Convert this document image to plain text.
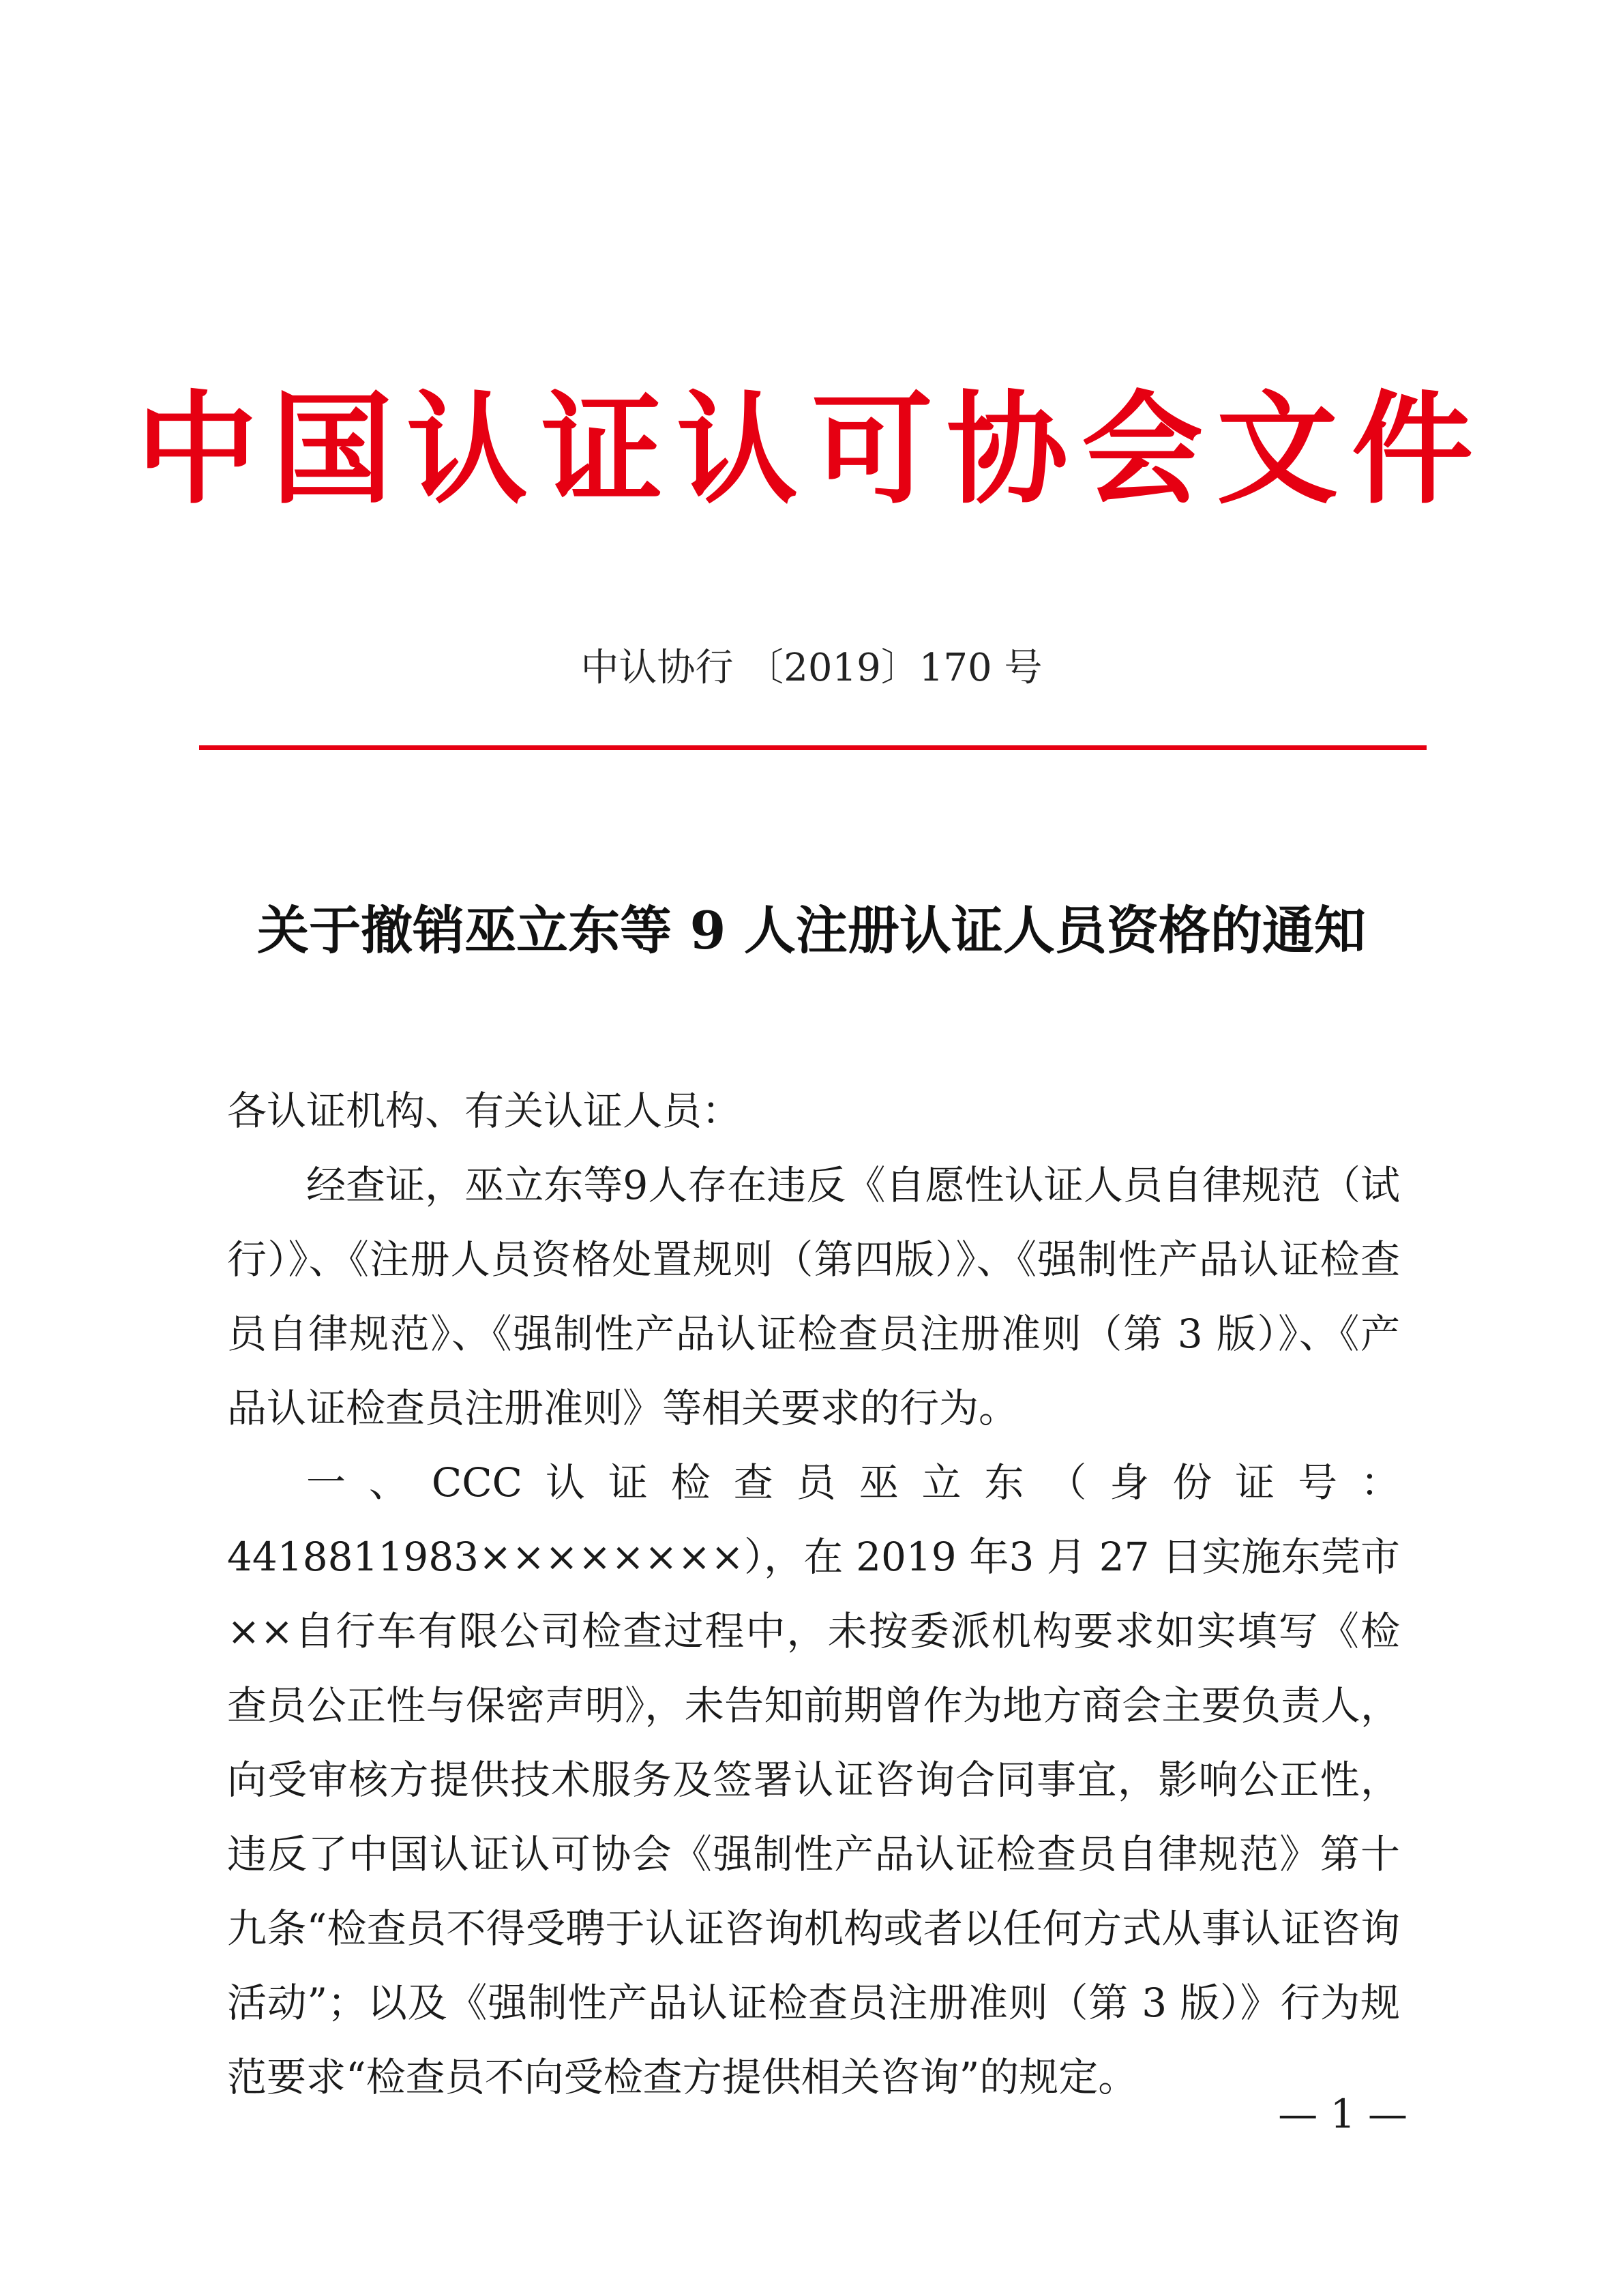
中国认证认可协会文件
中认协行 〔2019〕170 号
关于撤销巫立东等 9 人注册认证人员资格的通知

各认证机构、有关认证人员：

经查证，巫立东等9人存在违反《自愿性认证人员自律规范（试行）》、《注册人员资格处置规则（第四版）》、《强制性产品认证检查员自律规范》、《强制性产品认证检查员注册准则（第 3 版）》、《产品认证检查员注册准则》等相关要求的行为。

一、CCC认证检查员巫立东（身份证号：4418811983××××××××），在 2019 年3 月 27 日实施东莞市××自行车有限公司检查过程中，未按委派机构要求如实填写《检查员公正性与保密声明》，未告知前期曾作为地方商会主要负责人，向受审核方提供技术服务及签署认证咨询合同事宜，影响公正性，违反了中国认证认可协会《强制性产品认证检查员自律规范》第十九条“检查员不得受聘于认证咨询机构或者以任何方式从事认证咨询活动”；以及《强制性产品认证检查员注册准则（第 3 版）》行为规范要求“检查员不向受检查方提供相关咨询”的规定。

— 1 —
